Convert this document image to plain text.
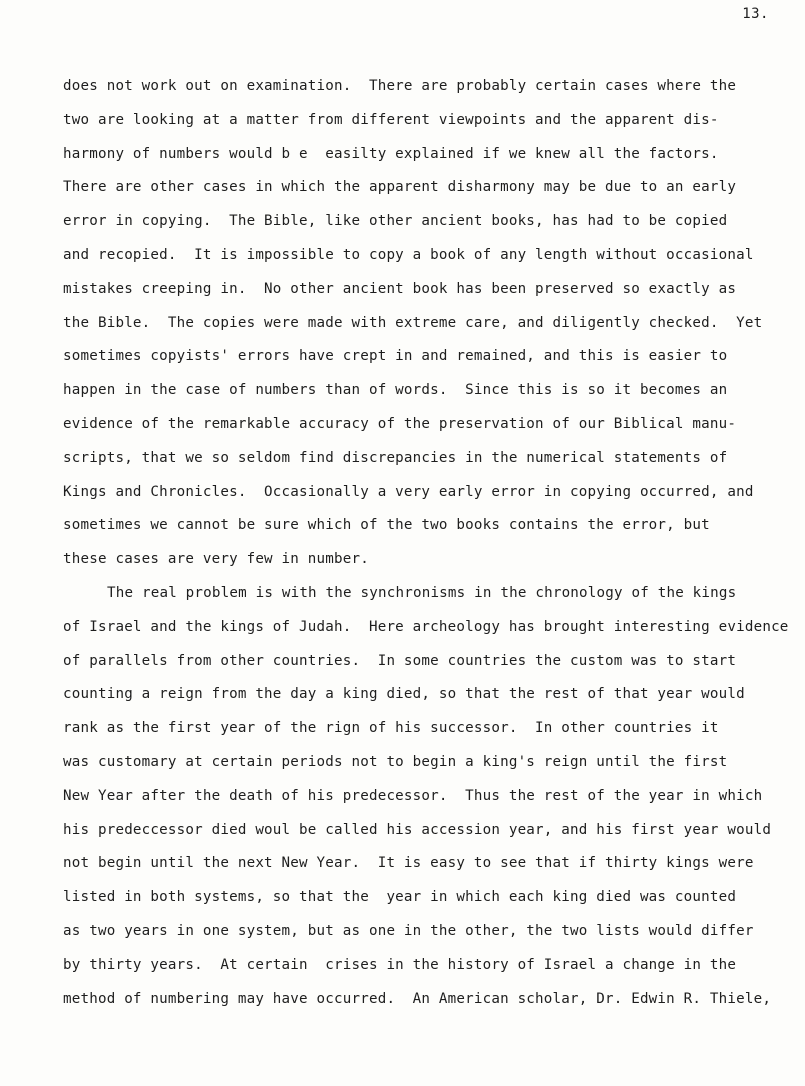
13.
does not work out on examination.  There are probably certain cases where the
two are looking at a matter from different viewpoints and the apparent dis-
harmony of numbers would b e  easilty explained if we knew all the factors.
There are other cases in which the apparent disharmony may be due to an early
error in copying.  The Bible, like other ancient books, has had to be copied
and recopied.  It is impossible to copy a book of any length without occasional
mistakes creeping in.  No other ancient book has been preserved so exactly as
the Bible.  The copies were made with extreme care, and diligently checked.  Yet
sometimes copyists' errors have crept in and remained, and this is easier to
happen in the case of numbers than of words.  Since this is so it becomes an
evidence of the remarkable accuracy of the preservation of our Biblical manu-
scripts, that we so seldom find discrepancies in the numerical statements of
Kings and Chronicles.  Occasionally a very early error in copying occurred, and
sometimes we cannot be sure which of the two books contains the error, but
these cases are very few in number.
The real problem is with the synchronisms in the chronology of the kings
of Israel and the kings of Judah.  Here archeology has brought interesting evidence
of parallels from other countries.  In some countries the custom was to start
counting a reign from the day a king died, so that the rest of that year would
rank as the first year of the rign of his successor.  In other countries it
was customary at certain periods not to begin a king's reign until the first
New Year after the death of his predecessor.  Thus the rest of the year in which
his predeccessor died woul be called his accession year, and his first year would
not begin until the next New Year.  It is easy to see that if thirty kings were
listed in both systems, so that the  year in which each king died was counted
as two years in one system, but as one in the other, the two lists would differ
by thirty years.  At certain  crises in the history of Israel a change in the
method of numbering may have occurred.  An American scholar, Dr. Edwin R. Thiele,
